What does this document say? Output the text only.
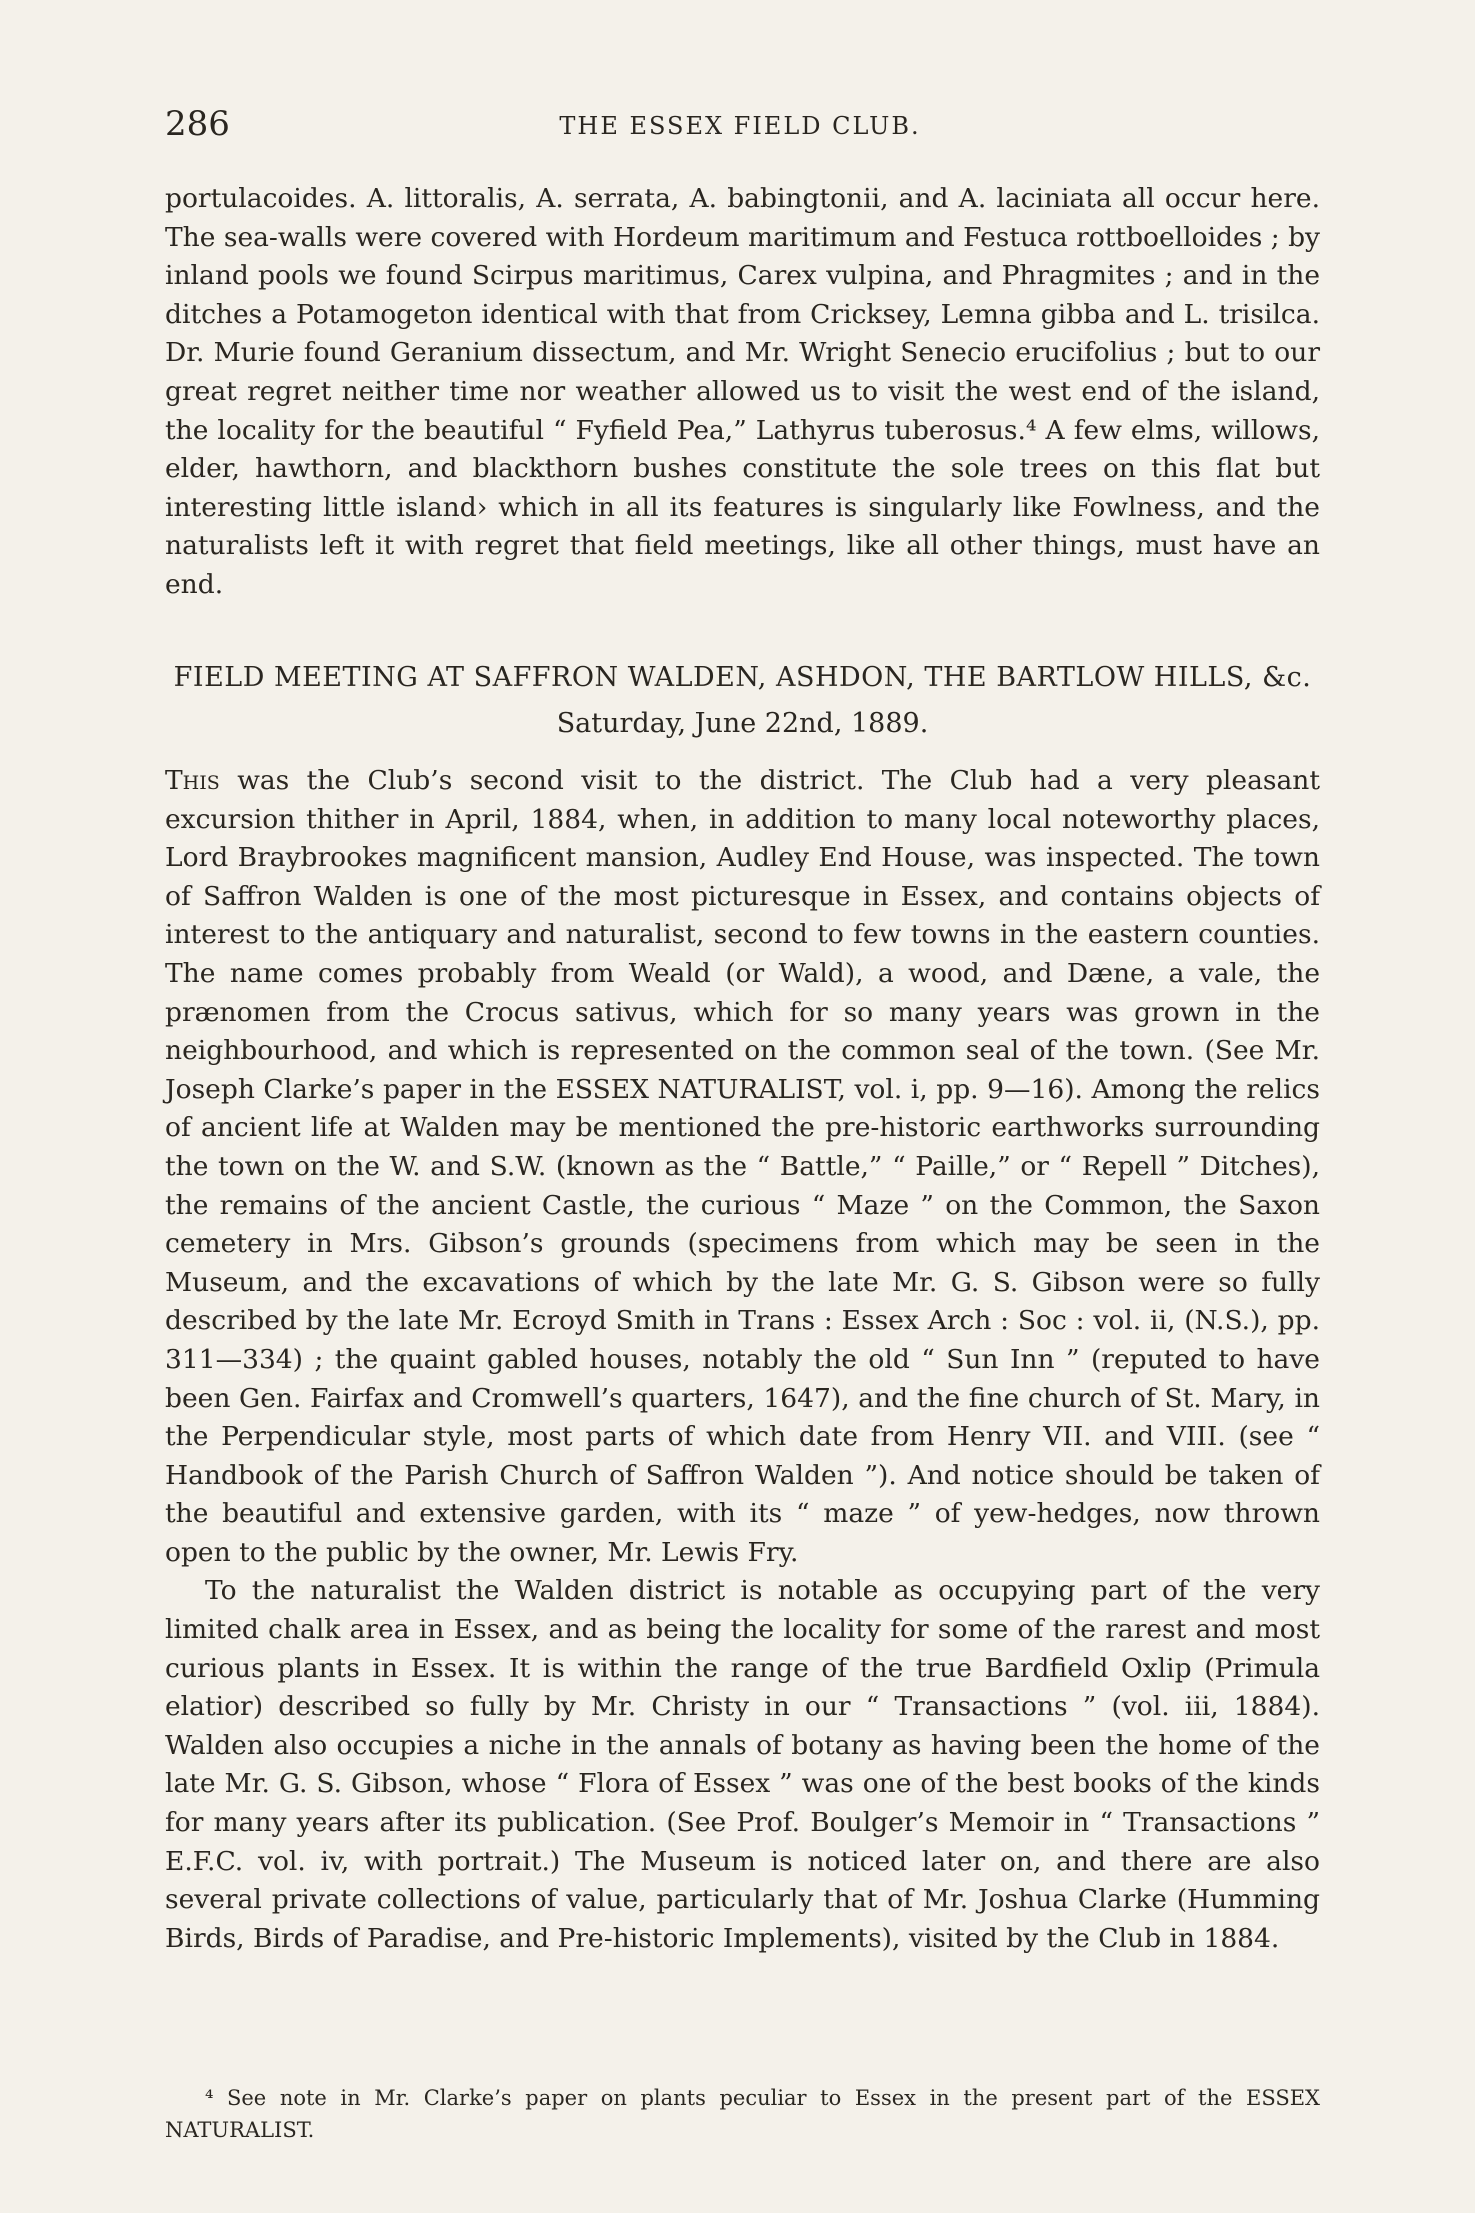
286	THE ESSEX FIELD CLUB.

portulacoides. A. littoralis, A. serrata, A. babingtonii, and A. laciniata all occur here. The sea-walls were covered with Hordeum maritimum and Festuca rottboelloides ; by inland pools we found Scirpus maritimus, Carex vulpina, and Phragmites ; and in the ditches a Potamogeton identical with that from Cricksey, Lemna gibba and L. trisilca. Dr. Murie found Geranium dissectum, and Mr. Wright Senecio erucifolius ; but to our great regret neither time nor weather allowed us to visit the west end of the island, the locality for the beautiful “ Fyfield Pea,” Lathyrus tuberosus.⁴ A few elms, willows, elder, hawthorn, and blackthorn bushes constitute the sole trees on this flat but interesting little island› which in all its features is singularly like Fowlness, and the naturalists left it with regret that field meetings, like all other things, must have an end.

FIELD MEETING AT SAFFRON WALDEN, ASHDON, THE BARTLOW HILLS, &c.
Saturday, June 22nd, 1889.

This was the Club’s second visit to the district. The Club had a very pleasant excursion thither in April, 1884, when, in addition to many local noteworthy places, Lord Braybrookes magnificent mansion, Audley End House, was inspected. The town of Saffron Walden is one of the most picturesque in Essex, and contains objects of interest to the antiquary and naturalist, second to few towns in the eastern counties. The name comes probably from Weald (or Wald), a wood, and Dæne, a vale, the prænomen from the Crocus sativus, which for so many years was grown in the neighbourhood, and which is represented on the common seal of the town. (See Mr. Joseph Clarke’s paper in the ESSEX NATURALIST, vol. i, pp. 9—16). Among the relics of ancient life at Walden may be mentioned the pre-historic earthworks surrounding the town on the W. and S.W. (known as the “ Battle,” “ Paille,” or “ Repell ” Ditches), the remains of the ancient Castle, the curious “ Maze ” on the Common, the Saxon cemetery in Mrs. Gibson’s grounds (specimens from which may be seen in the Museum, and the excavations of which by the late Mr. G. S. Gibson were so fully described by the late Mr. Ecroyd Smith in Trans : Essex Arch : Soc : vol. ii, (N.S.), pp. 311—334) ; the quaint gabled houses, notably the old “ Sun Inn ” (reputed to have been Gen. Fairfax and Cromwell’s quarters, 1647), and the fine church of St. Mary, in the Perpendicular style, most parts of which date from Henry VII. and VIII. (see “ Handbook of the Parish Church of Saffron Walden ”). And notice should be taken of the beautiful and extensive garden, with its “ maze ” of yew-hedges, now thrown open to the public by the owner, Mr. Lewis Fry.

To the naturalist the Walden district is notable as occupying part of the very limited chalk area in Essex, and as being the locality for some of the rarest and most curious plants in Essex. It is within the range of the true Bardfield Oxlip (Primula elatior) described so fully by Mr. Christy in our “ Transactions ” (vol. iii, 1884). Walden also occupies a niche in the annals of botany as having been the home of the late Mr. G. S. Gibson, whose “ Flora of Essex ” was one of the best books of the kinds for many years after its publication. (See Prof. Boulger’s Memoir in “ Transactions ” E.F.C. vol. iv, with portrait.) The Museum is noticed later on, and there are also several private collections of value, particularly that of Mr. Joshua Clarke (Humming Birds, Birds of Paradise, and Pre-historic Implements), visited by the Club in 1884.

⁴ See note in Mr. Clarke’s paper on plants peculiar to Essex in the present part of the ESSEX NATURALIST.
